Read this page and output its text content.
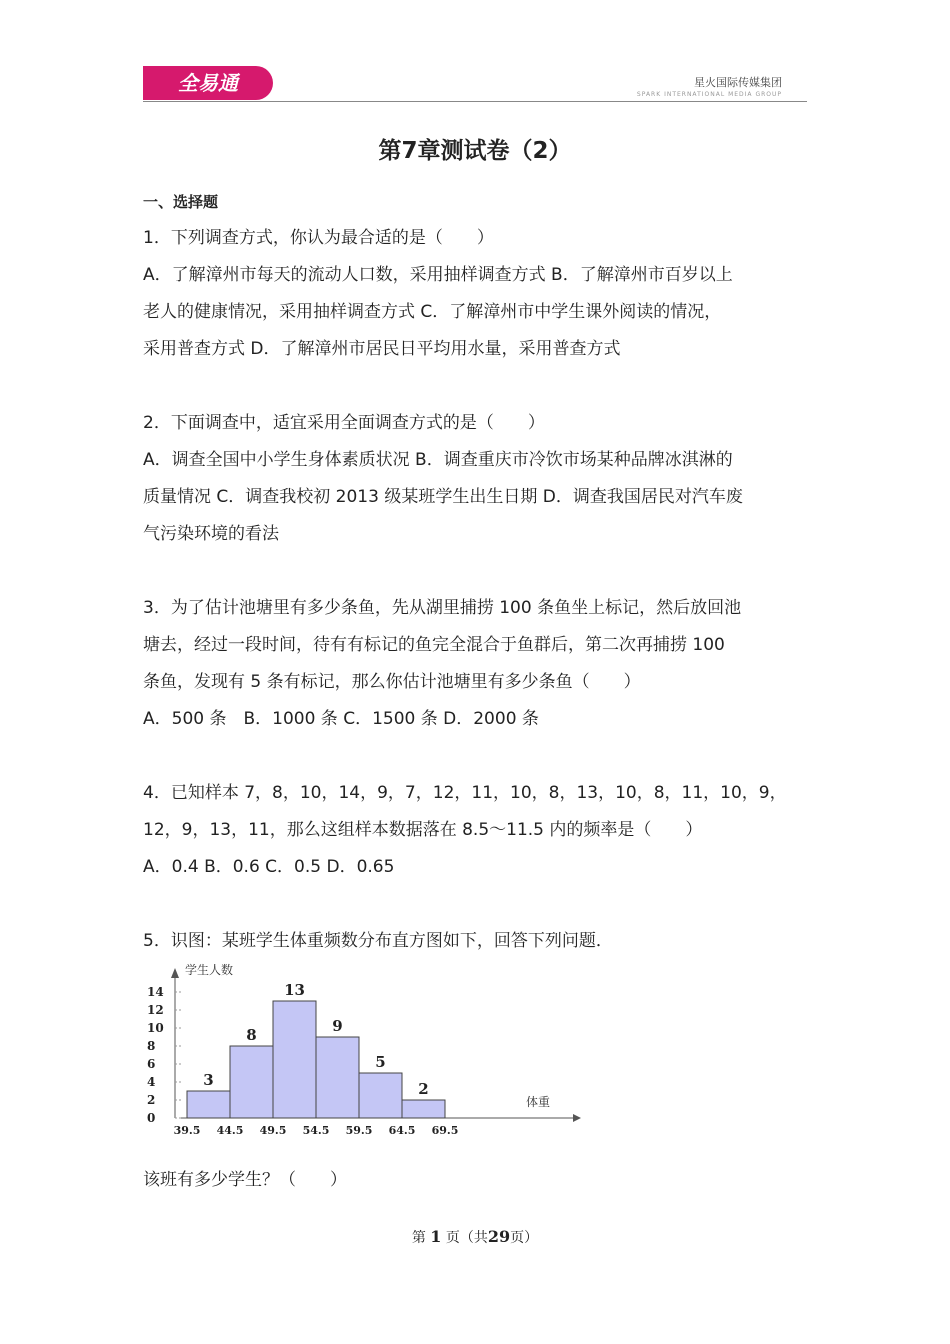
全易通	星火国际传媒集团
SPARK INTERNATIONAL MEDIA GROUP
第7章测试卷（2）
一、选择题
1．下列调查方式，你认为最合适的是（　　）
A．了解漳州市每天的流动人口数，采用抽样调查方式 B．了解漳州市百岁以上
老人的健康情况，采用抽样调查方式 C．了解漳州市中学生课外阅读的情况，
采用普查方式 D．了解漳州市居民日平均用水量，采用普查方式
2．下面调查中，适宜采用全面调查方式的是（　　）
A．调查全国中小学生身体素质状况 B．调查重庆市冷饮市场某种品牌冰淇淋的
质量情况 C．调查我校初 2013 级某班学生出生日期 D．调查我国居民对汽车废
气污染环境的看法
3．为了估计池塘里有多少条鱼，先从湖里捕捞 100 条鱼坐上标记，然后放回池
塘去，经过一段时间，待有有标记的鱼完全混合于鱼群后，第二次再捕捞 100
条鱼，发现有 5 条有标记，那么你估计池塘里有多少条鱼（　　）
A．500 条　B．1000 条 C．1500 条 D．2000 条
4．已知样本 7，8，10，14，9，7，12，11，10，8，13，10，8，11，10，9，
12，9，13，11，那么这组样本数据落在 8.5～11.5 内的频率是（　　）
A．0.4 B．0.6 C．0.5 D．0.65
5．识图：某班学生体重频数分布直方图如下，回答下列问题．
学生人数
体重
0
2
4
6
8
10
12
14
3
8
13
9
5
2
39.5 44.5 49.5 54.5 59.5 64.5 69.5
该班有多少学生？（　　）
第 1 页（共29页）
